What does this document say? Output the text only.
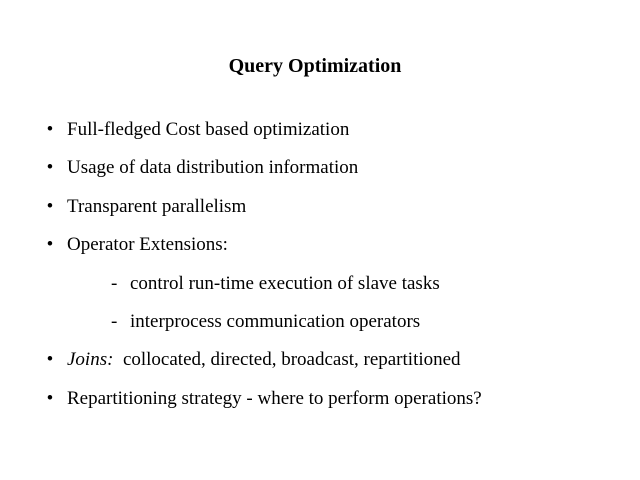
Query Optimization
• Full-fledged Cost based optimization
• Usage of data distribution information
• Transparent parallelism
• Operator Extensions:
- control run-time execution of slave tasks
- interprocess communication operators
• Joins: collocated, directed, broadcast, repartitioned
• Repartitioning strategy - where to perform operations?
